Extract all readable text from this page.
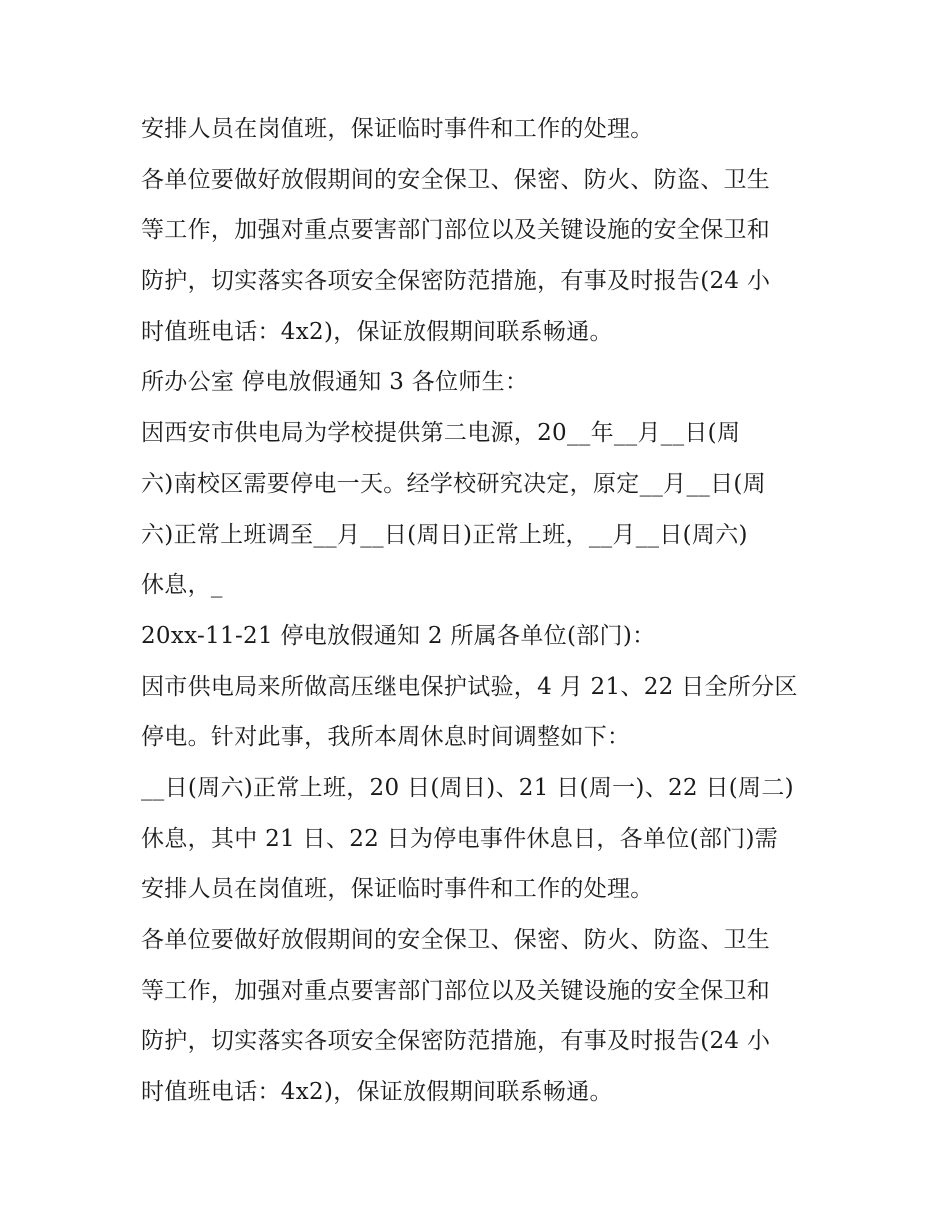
安排人员在岗值班，保证临时事件和工作的处理。
各单位要做好放假期间的安全保卫、保密、防火、防盗、卫生
等工作，加强对重点要害部门部位以及关键设施的安全保卫和
防护，切实落实各项安全保密防范措施，有事及时报告(24 小
时值班电话：4x2)，保证放假期间联系畅通。
所办公室 停电放假通知 3 各位师生：
因西安市供电局为学校提供第二电源，20__年__月__日(周
六)南校区需要停电一天。经学校研究决定，原定__月__日(周
六)正常上班调至__月__日(周日)正常上班，__月__日(周六)
休息，_
20xx-11-21 停电放假通知 2 所属各单位(部门)：
因市供电局来所做高压继电保护试验，4 月 21、22 日全所分区
停电。针对此事，我所本周休息时间调整如下：
__日(周六)正常上班，20 日(周日)、21 日(周一)、22 日(周二)
休息，其中 21 日、22 日为停电事件休息日，各单位(部门)需
安排人员在岗值班，保证临时事件和工作的处理。
各单位要做好放假期间的安全保卫、保密、防火、防盗、卫生
等工作，加强对重点要害部门部位以及关键设施的安全保卫和
防护，切实落实各项安全保密防范措施，有事及时报告(24 小
时值班电话：4x2)，保证放假期间联系畅通。
